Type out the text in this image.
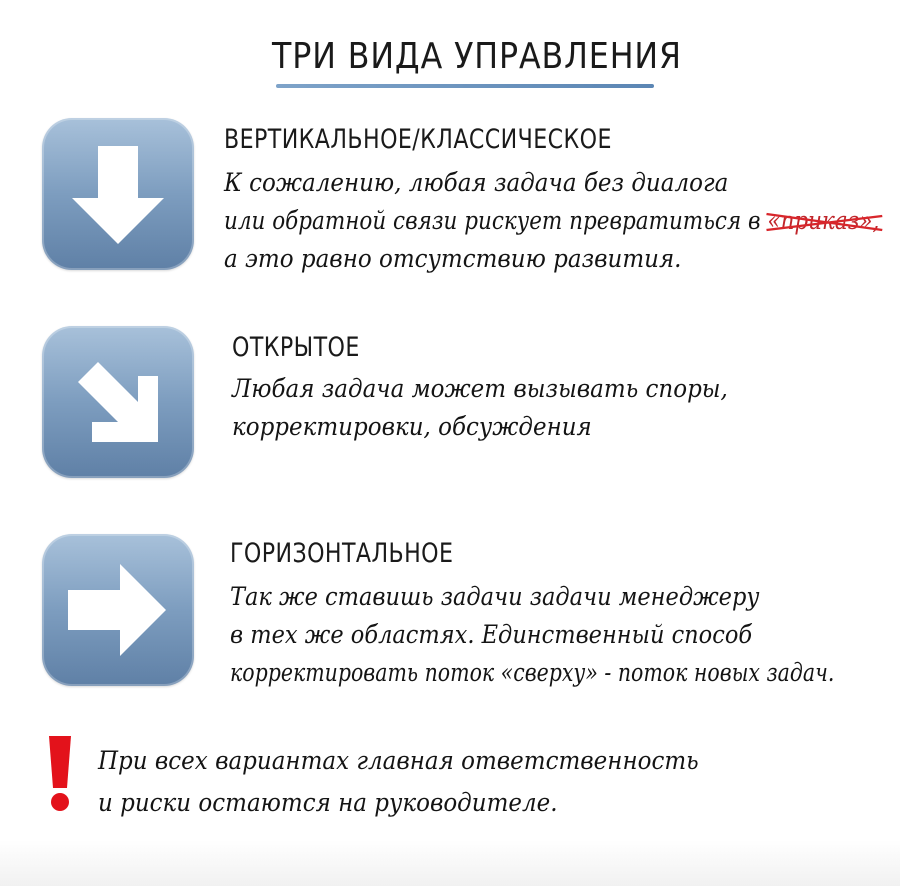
ТРИ ВИДА УПРАВЛЕНИЯ
ВЕРТИКАЛЬНОЕ/КЛАССИЧЕСКОЕ
К сожалению, любая задача без диалога
или обратной связи рискует превратиться в «приказ»,
а это равно отсутствию развития.
ОТКРЫТОЕ
Любая задача может вызывать споры,
корректировки, обсуждения
ГОРИЗОНТАЛЬНОЕ
Так же ставишь задачи задачи менеджеру
в тех же областях. Единственный способ
корректировать поток «сверху» - поток новых задач.
При всех вариантах главная ответственность
и риски остаются на руководителе.
